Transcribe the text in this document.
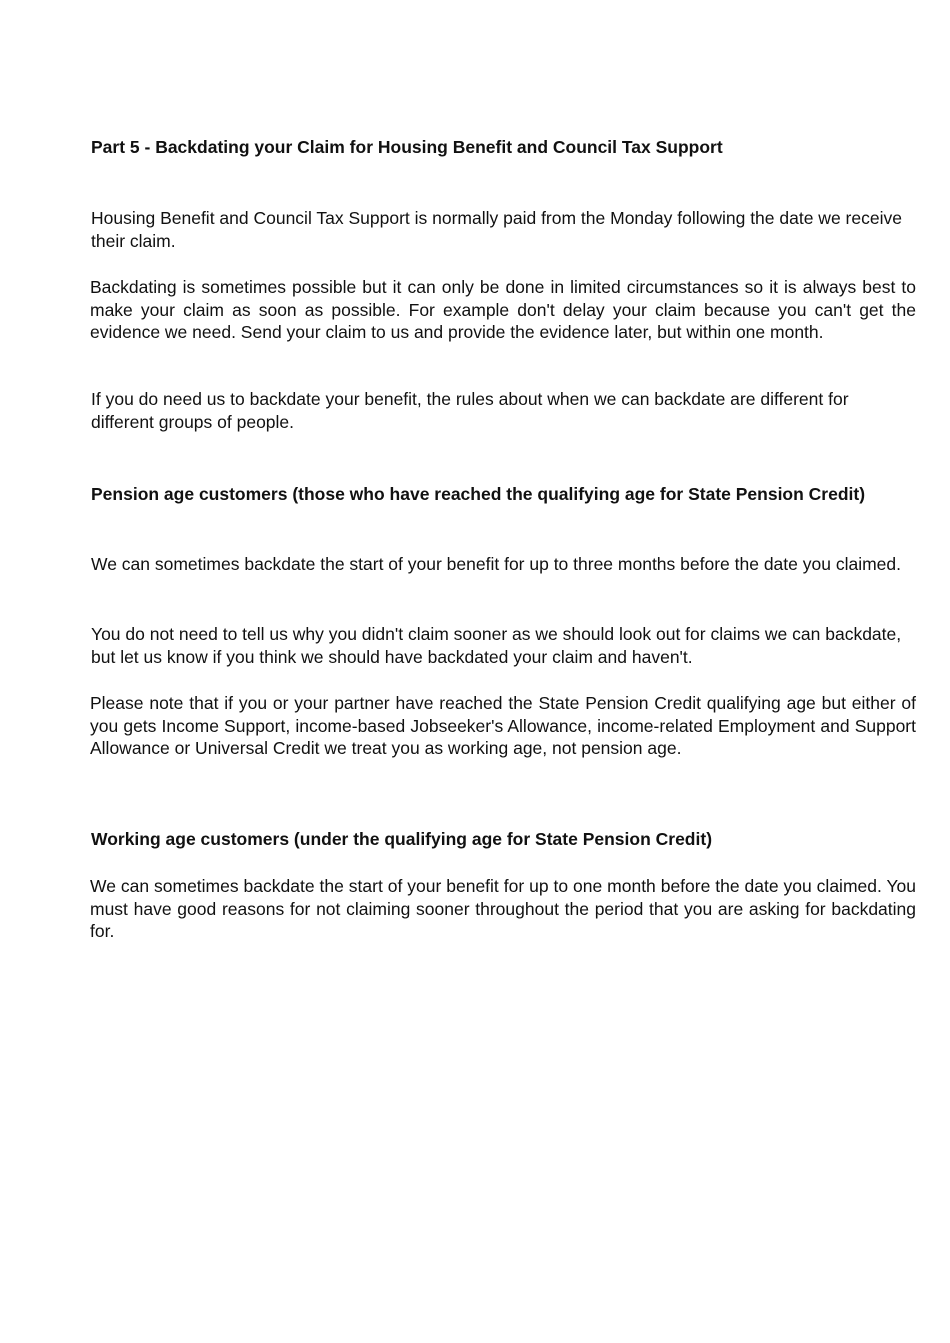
Part 5 - Backdating your Claim for Housing Benefit and Council Tax Support

Housing Benefit and Council Tax Support is normally paid from the Monday following the date we receive their claim.

Backdating is sometimes possible but it can only be done in limited circumstances so it is always best to make your claim as soon as possible. For example don't delay your claim because you can't get the evidence we need. Send your claim to us and provide the evidence later, but within one month.

If you do need us to backdate your benefit, the rules about when we can backdate are different for different groups of people.

Pension age customers (those who have reached the qualifying age for State Pension Credit)

We can sometimes backdate the start of your benefit for up to three months before the date you claimed.

You do not need to tell us why you didn't claim sooner as we should look out for claims we can backdate, but let us know if you think we should have backdated your claim and haven't.

Please note that if you or your partner have reached the State Pension Credit qualifying age but either of you gets Income Support, income-based Jobseeker's Allowance, income-related Employment and Support Allowance or Universal Credit we treat you as working age, not pension age.

Working age customers (under the qualifying age for State Pension Credit)

We can sometimes backdate the start of your benefit for up to one month before the date you claimed. You must have good reasons for not claiming sooner throughout the period that you are asking for backdating for.
